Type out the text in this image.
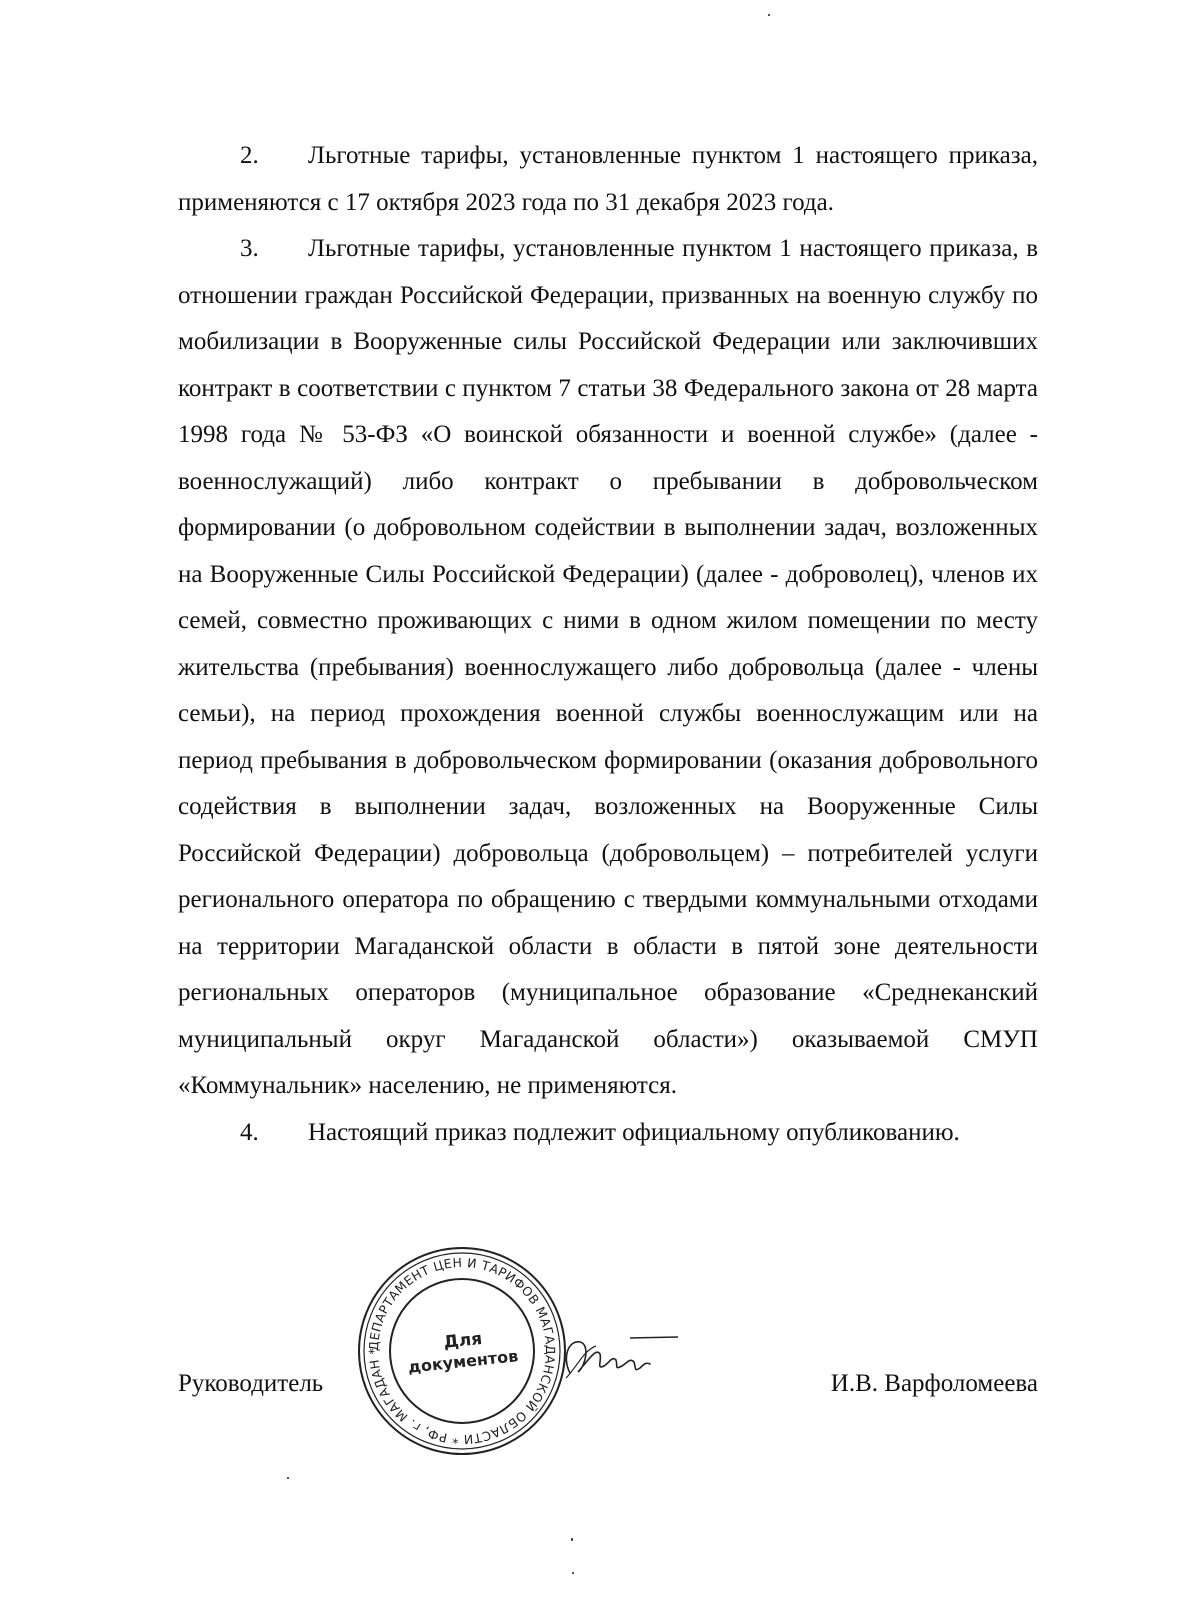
2. Льготные тарифы, установленные пунктом 1 настоящего приказа, применяются с 17 октября 2023 года по 31 декабря 2023 года.

3. Льготные тарифы, установленные пунктом 1 настоящего приказа, в отношении граждан Российской Федерации, призванных на военную службу по мобилизации в Вооруженные силы Российской Федерации или заключивших контракт в соответствии с пунктом 7 статьи 38 Федерального закона от 28 марта 1998 года № 53-ФЗ «О воинской обязанности и военной службе» (далее - военнослужащий) либо контракт о пребывании в добровольческом формировании (о добровольном содействии в выполнении задач, возложенных на Вооруженные Силы Российской Федерации) (далее - доброволец), членов их семей, совместно проживающих с ними в одном жилом помещении по месту жительства (пребывания) военнослужащего либо добровольца (далее - члены семьи), на период прохождения военной службы военнослужащим или на период пребывания в добровольческом формировании (оказания добровольного содействия в выполнении задач, возложенных на Вооруженные Силы Российской Федерации) добровольца (добровольцем) – потребителей услуги регионального оператора по обращению с твердыми коммунальными отходами на территории Магаданской области в области в пятой зоне деятельности региональных операторов (муниципальное образование «Среднеканский муниципальный округ Магаданской области») оказываемой СМУП «Коммунальник» населению, не применяются.

4. Настоящий приказ подлежит официальному опубликованию.

Руководитель	И.В. Варфоломеева
ДЕПАРТАМЕНТ ЦЕН И ТАРИФОВ МАГАДАНСКОЙ ОБЛАСТИ * РФ, г. МАГАДАН *	Для
документов
